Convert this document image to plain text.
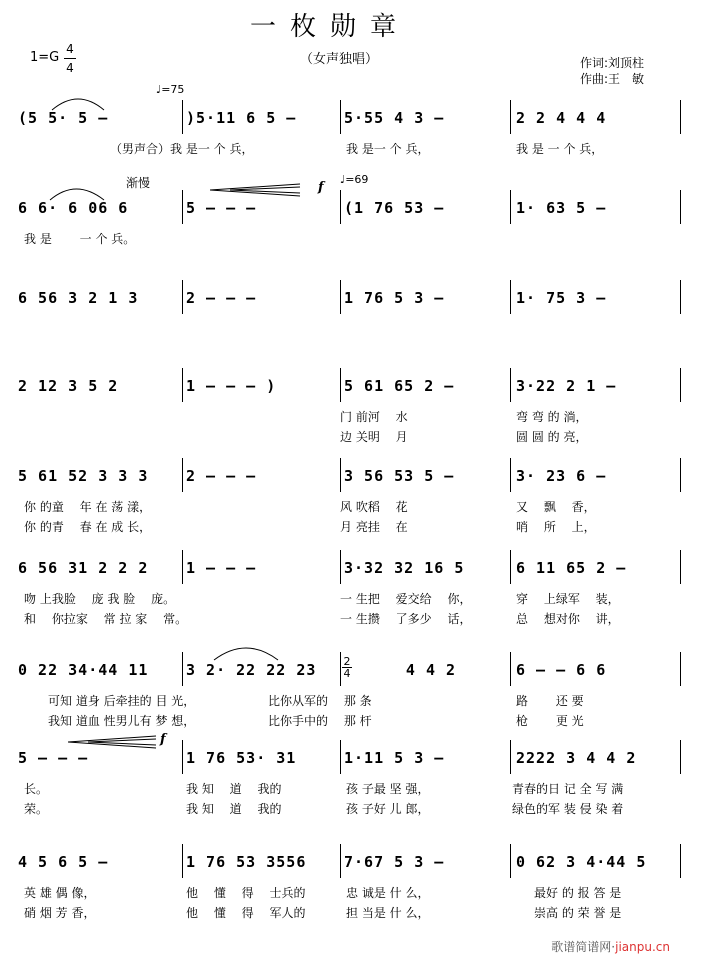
一枚勋章
1=G
4
4
（女声独唱）	作词:刘顶柱
作曲:王　敏
♩=75
渐慢	♩=69
f
f
2
4
(5 5· 5 —	)5·11 6 5 —	5·55 4 3 —	2 2 4 4 4
（男声合）我 是一 个 兵，	我 是一 个 兵，	我 是 一 个 兵，
6 6· 6 06 6	5 — — —	(1 76 53 —	1· 63 5 —
我 是　　 一 个 兵。
6 56 3 2 1 3	2 — — —	1 76 5 3 —	1· 75 3 —
2 12 3 5 2	1 — — — )	5 61 65 2 —	3·22 2 1 —
门 前河　 水	弯 弯 的 淌，
边 关明　 月	圆 圆 的 亮，
5 61 52 3 3 3	2 — — —	3 56 53 5 —	3· 23 6 —
你 的童　 年 在 荡 漾，	风 吹稻　 花	又　 飘　 香，
你 的青　 春 在 成 长，	月 亮挂　 在	哨　 所　 上，
6 56 31 2 2 2	1 — — —	3·32 32 16 5	6 11 65 2 —
吻 上我脸　 庞 我 脸　 庞。	一 生把　 爱交给　 你，	穿　 上绿军　 装，
和　 你拉家　 常 拉 家　 常。	一 生攒　 了多少　 话，	总　 想对你　 讲，
0 22 34·44 11	3 2· 22 22 23	4 4 2	6 — — 6 6
可知 道身 后牵挂的 目 光，	比你从军的　 那 条	路　　 还 要
我知 道血 性男儿有 梦 想，	比你手中的　 那 杆	枪　　 更 光
5 — — —	1 76 53· 31	1·11 5 3 —	2222 3 4 4 2
长。	我 知　 道　 我的	孩 子最 坚 强，	青春的日 记 全 写 满
荣。	我 知　 道　 我的	孩 子好 儿 郎，	绿色的军 装 侵 染 着
4 5 6 5 —	1 76 53 3556	7·67 5 3 —	0 62 3 4·44 5
英 雄 偶 像，	他　 懂　 得　 士兵的	忠 诚是 什 么，	最好 的 报 答 是
硝 烟 芳 香，	他　 懂　 得　 军人的	担 当是 什 么，	崇高 的 荣 誉 是
歌谱简谱网·jianpu.cn
